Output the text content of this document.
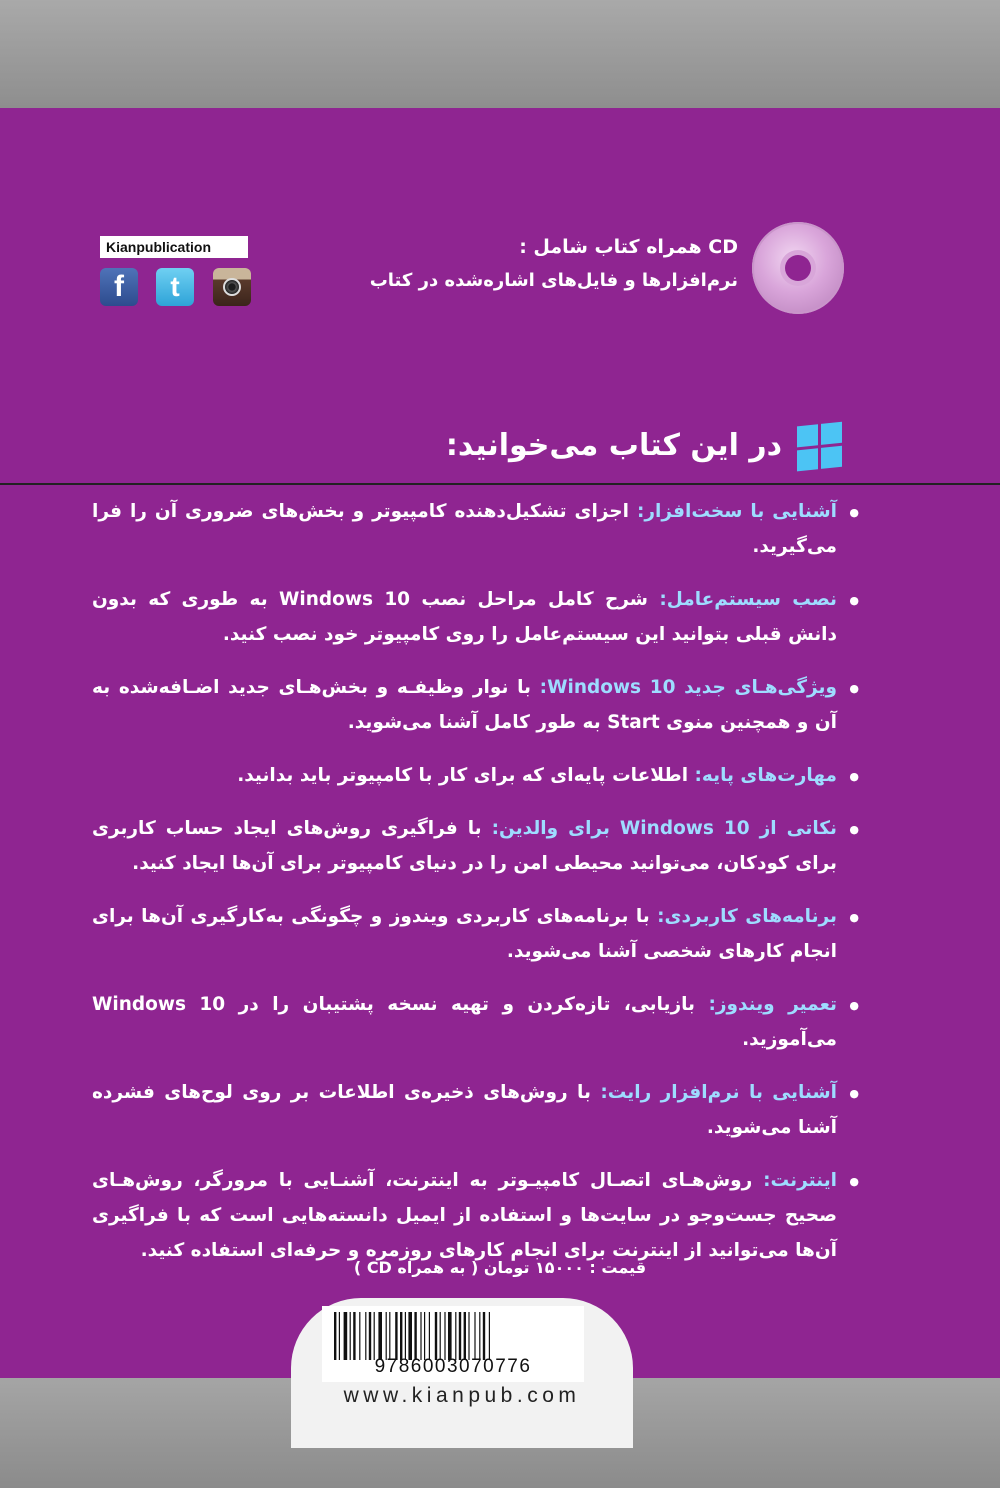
CD همراه کتاب شامل :
نرم‌افزارها و فایل‌های اشاره‌شده در کتاب
Kianpublication
f	t
در این کتاب می‌خوانید:
● آشنایی با سخت‌افزار: اجزای تشکیل‌دهنده کامپیوتر و بخش‌های ضروری آن را فرا می‌گیرید.
● نصب سیستم‌عامل: شرح کامل مراحل نصب Windows 10 به طوری که بدون دانش قبلی بتوانید این سیستم‌عامل را روی کامپیوتر خود نصب کنید.
● ویژگی‌هـای جدید Windows 10: با نوار وظیفـه و بخش‌هـای جدید اضـافه‌شده به آن و همچنین منوی Start به طور کامل آشنا می‌شوید.
● مهارت‌های پایه: اطلاعات پایه‌ای که برای کار با کامپیوتر باید بدانید.
● نکاتی از Windows 10 برای والدین: با فراگیری روش‌های ایجاد حساب کاربری برای کودکان، می‌توانید محیطی امن را در دنیای کامپیوتر برای آن‌ها ایجاد کنید.
● برنامه‌های کاربردی: با برنامه‌های کاربردی ویندوز و چگونگی به‌کارگیری آن‌ها برای انجام کارهای شخصی آشنا می‌شوید.
● تعمیر ویندوز: بازیابی، تازه‌کردن و تهیه نسخه پشتیبان را در Windows 10 می‌آموزید.
● آشنایی با نرم‌افزار رایت: با روش‌های ذخیره‌ی اطلاعات بر روی لوح‌های فشرده آشنا می‌شوید.
● اینترنت: روش‌هـای اتصـال کامپیـوتر به اینترنت، آشنـایی با مرورگر، روش‌هـای صحیح جست‌وجو در سایت‌ها و استفاده از ایمیل دانسته‌هایی است که با فراگیری آن‌ها می‌توانید از اینترنت برای انجام کارهای روزمره و حرفه‌ای استفاده کنید.
قیمت : ۱۵۰۰۰ تومان ( به همراه CD )
9786003070776
www.kianpub.com
